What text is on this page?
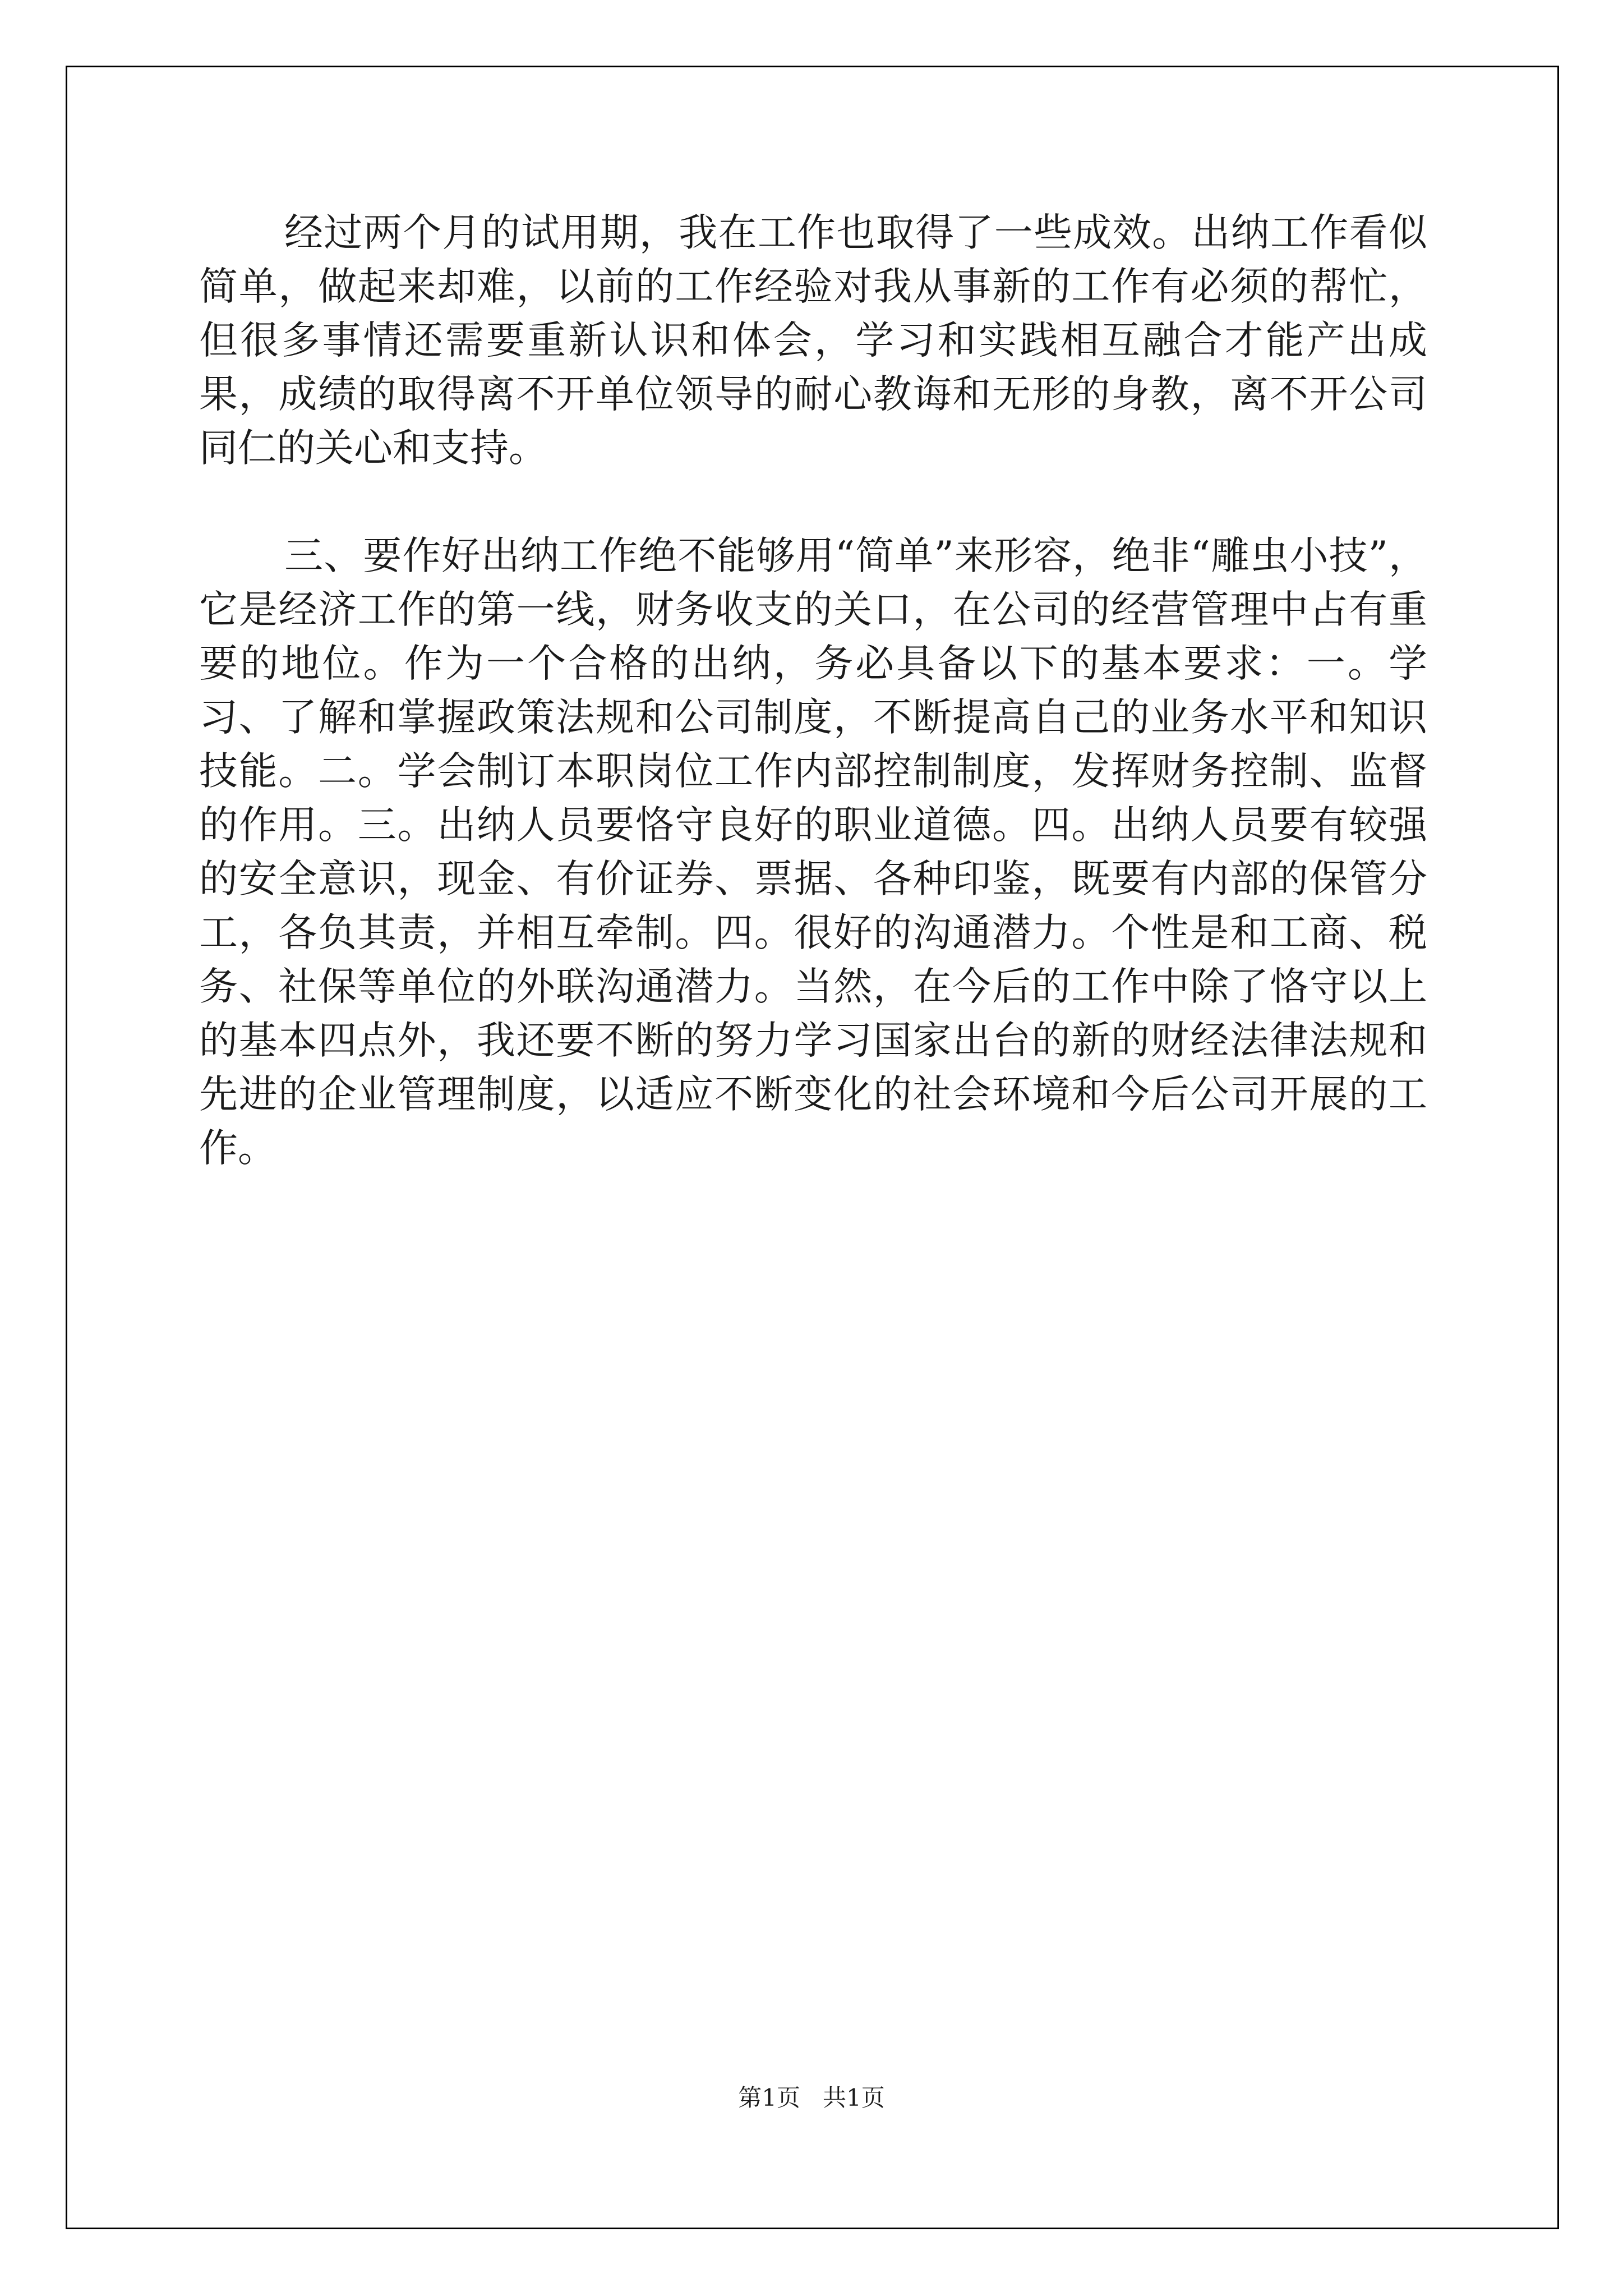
经过两个月的试用期，我在工作也取得了一些成效。出纳工作看似简单，做起来却难，以前的工作经验对我从事新的工作有必须的帮忙，但很多事情还需要重新认识和体会，学习和实践相互融合才能产出成果，成绩的取得离不开单位领导的耐心教诲和无形的身教，离不开公司同仁的关心和支持。

三、要作好出纳工作绝不能够用“简单”来形容，绝非“雕虫小技”，它是经济工作的第一线，财务收支的关口，在公司的经营管理中占有重要的地位。作为一个合格的出纳，务必具备以下的基本要求：一。学习、了解和掌握政策法规和公司制度，不断提高自己的业务水平和知识技能。二。学会制订本职岗位工作内部控制制度，发挥财务控制、监督的作用。三。出纳人员要恪守良好的职业道德。四。出纳人员要有较强的安全意识，现金、有价证券、票据、各种印鉴，既要有内部的保管分工，各负其责，并相互牵制。四。很好的沟通潜力。个性是和工商、税务、社保等单位的外联沟通潜力。当然，在今后的工作中除了恪守以上的基本四点外，我还要不断的努力学习国家出台的新的财经法律法规和先进的企业管理制度，以适应不断变化的社会环境和今后公司开展的工作。

第1页   共1页
